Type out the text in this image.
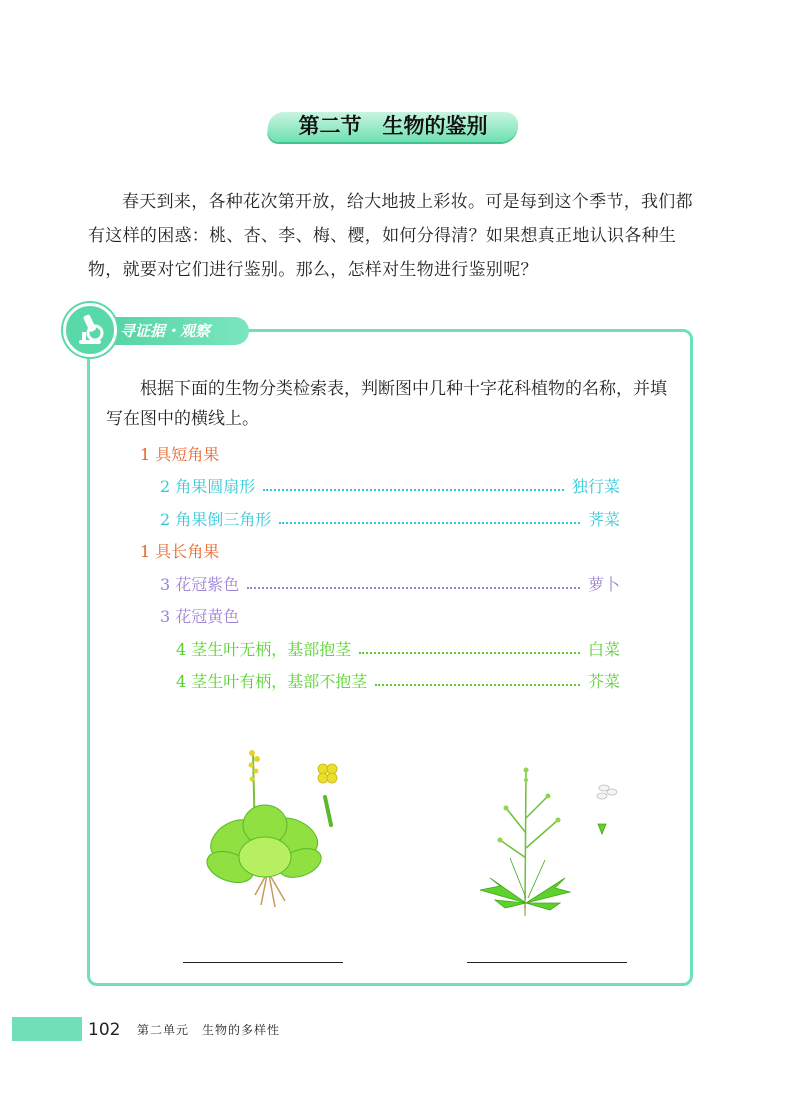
第二节　生物的鉴别

春天到来，各种花次第开放，给大地披上彩妆。可是每到这个季节，我们都有这样的困惑：桃、杏、李、梅、樱，如何分得清？如果想真正地认识各种生物，就要对它们进行鉴别。那么，怎样对生物进行鉴别呢？

寻证据・观察

根据下面的生物分类检索表，判断图中几种十字花科植物的名称，并填写在图中的横线上。

1 具短角果
2 角果圆扇形	独行菜
2 角果倒三角形	荠菜
1 具长角果
3 花冠紫色	萝卜
3 花冠黄色
4 茎生叶无柄，基部抱茎	白菜
4 茎生叶有柄，基部不抱茎	芥菜
102 第二单元　生物的多样性
